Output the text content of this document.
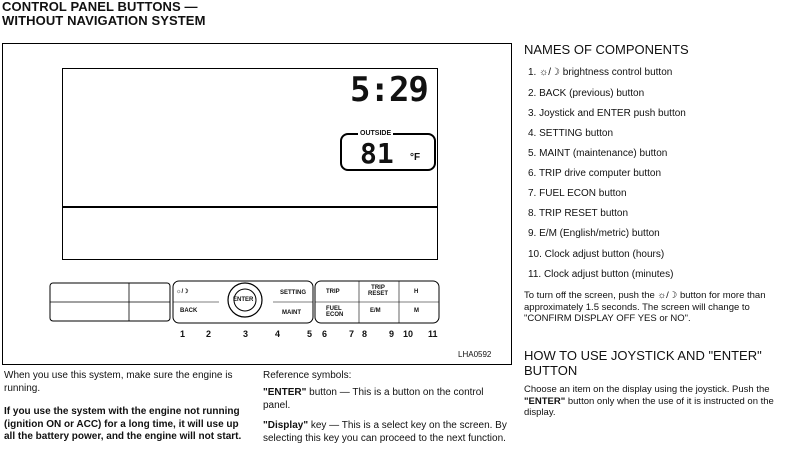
CONTROL PANEL BUTTONS —
WITHOUT NAVIGATION SYSTEM
5:29
OUTSIDE
81 °F
☼/☽
BACK
ENTER
SETTING
MAINT
TRIP
FUEL ECON
TRIP RESET
E/M
H
M
1 2	3	4	5 6 7 8 9 10 11
LHA0592
When you use this system, make sure the engine is running.
If you use the system with the engine not running (ignition ON or ACC) for a long time, it will use up all the battery power, and the engine will not start.
Reference symbols:
"ENTER" button — This is a button on the control panel.
"Display" key — This is a select key on the screen. By selecting this key you can proceed to the next function.
NAMES OF COMPONENTS
1. ☼/☽ brightness control button
2. BACK (previous) button
3. Joystick and ENTER push button
4. SETTING button
5. MAINT (maintenance) button
6. TRIP drive computer button
7. FUEL ECON button
8. TRIP RESET button
9. E/M (English/metric) button
10. Clock adjust button (hours)
11. Clock adjust button (minutes)
To turn off the screen, push the ☼/☽ button for more than approximately 1.5 seconds. The screen will change to "CONFIRM DISPLAY OFF YES or NO".
HOW TO USE JOYSTICK AND "ENTER" BUTTON
Choose an item on the display using the joystick. Push the "ENTER" button only when the use of it is instructed on the display.
